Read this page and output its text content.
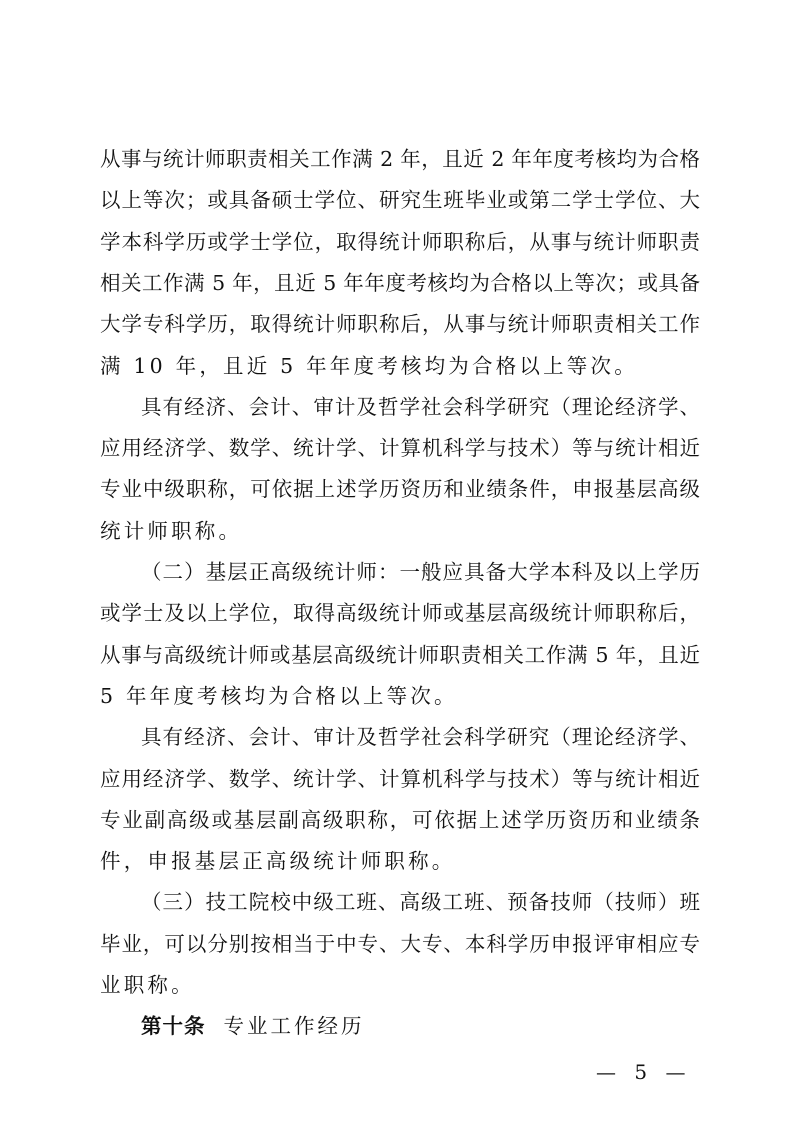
从事与统计师职责相关工作满 2 年，且近 2 年年度考核均为合格
以上等次；或具备硕士学位、研究生班毕业或第二学士学位、大
学本科学历或学士学位，取得统计师职称后，从事与统计师职责
相关工作满 5 年，且近 5 年年度考核均为合格以上等次；或具备
大学专科学历，取得统计师职称后，从事与统计师职责相关工作
满 10 年，且近 5 年年度考核均为合格以上等次。
具有经济、会计、审计及哲学社会科学研究（理论经济学、
应用经济学、数学、统计学、计算机科学与技术）等与统计相近
专业中级职称，可依据上述学历资历和业绩条件，申报基层高级
统计师职称。
（二）基层正高级统计师：一般应具备大学本科及以上学历
或学士及以上学位，取得高级统计师或基层高级统计师职称后，
从事与高级统计师或基层高级统计师职责相关工作满 5 年，且近
5 年年度考核均为合格以上等次。
具有经济、会计、审计及哲学社会科学研究（理论经济学、
应用经济学、数学、统计学、计算机科学与技术）等与统计相近
专业副高级或基层副高级职称，可依据上述学历资历和业绩条
件，申报基层正高级统计师职称。
（三）技工院校中级工班、高级工班、预备技师（技师）班
毕业，可以分别按相当于中专、大专、本科学历申报评审相应专
业职称。
第十条 专业工作经历
— 5 —
